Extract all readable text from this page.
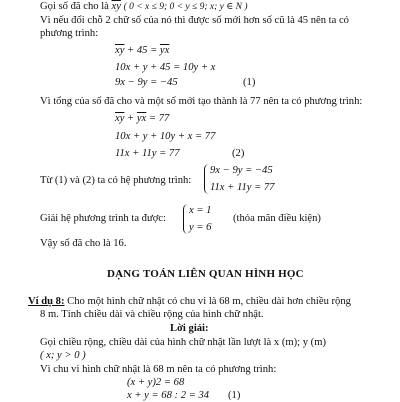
Gọi số đã cho là $\overline{xy}$ ( 0 < x ≤ 9; 0 < y ≤ 9; x; y ∈ N )
Vì nếu đổi chỗ 2 chữ số của nó thì được số mới hơn số cũ là 45 nên ta có
phương trình:
$\overline{xy} + 45 = \overline{yx}$
10x + y + 45 = 10y + x
9x − 9y = −45	(1)
Vì tổng của số đã cho và một số mới tạo thành là 77 nên ta có phương trình:
$\overline{xy} + \overline{yx} = 77$
10x + y + 10y + x = 77
11x + 11y = 77	(2)
Từ (1) và (2) ta có hệ phương trình:
9x − 9y = −45
11x + 11y = 77
Giải hệ phương trình ta được:
x = 1
y = 6
(thỏa mãn điều kiện)
Vậy số đã cho là 16.
DẠNG TOÁN LIÊN QUAN HÌNH HỌC
Ví dụ 8: Cho một hình chữ nhật có chu vi là 68 m, chiều dài hơn chiều rộng
8 m. Tính chiều dài và chiều rộng của hình chữ nhật.
Lời giải:
Gọi chiều rộng, chiều dài của hình chữ nhật lần lượt là x (m); y (m)
( x; y > 0 )
Vì chu vi hình chữ nhật là 68 m nên ta có phương trình:
(x + y)2 = 68
x + y = 68 : 2 = 34 (1)
